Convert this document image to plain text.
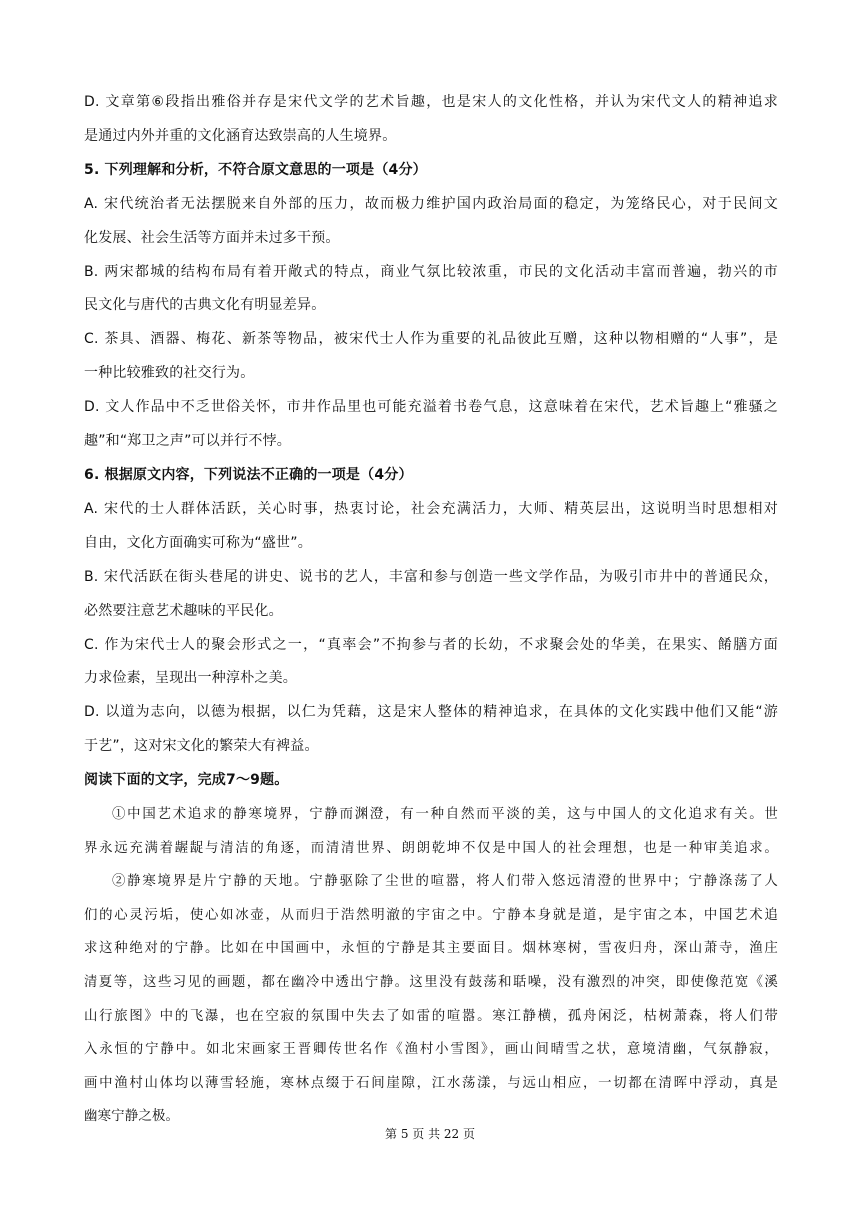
D. 文章第⑥段指出雅俗并存是宋代文学的艺术旨趣，也是宋人的文化性格，并认为宋代文人的精神追求
是通过内外并重的文化涵育达致崇高的人生境界。
5. 下列理解和分析，不符合原文意思的一项是（4分）
A. 宋代统治者无法摆脱来自外部的压力，故而极力维护国内政治局面的稳定，为笼络民心，对于民间文
化发展、社会生活等方面并未过多干预。
B. 两宋都城的结构布局有着开敞式的特点，商业气氛比较浓重，市民的文化活动丰富而普遍，勃兴的市
民文化与唐代的古典文化有明显差异。
C. 茶具、酒器、梅花、新茶等物品，被宋代士人作为重要的礼品彼此互赠，这种以物相赠的“人事”，是
一种比较雅致的社交行为。
D. 文人作品中不乏世俗关怀，市井作品里也可能充溢着书卷气息，这意味着在宋代，艺术旨趣上“雅骚之
趣”和“郑卫之声”可以并行不悖。
6. 根据原文内容，下列说法不正确的一项是（4分）
A. 宋代的士人群体活跃，关心时事，热衷讨论，社会充满活力，大师、精英层出，这说明当时思想相对
自由，文化方面确实可称为“盛世”。
B. 宋代活跃在街头巷尾的讲史、说书的艺人，丰富和参与创造一些文学作品，为吸引市井中的普通民众，
必然要注意艺术趣味的平民化。
C. 作为宋代士人的聚会形式之一，“真率会”不拘参与者的长幼，不求聚会处的华美，在果实、餚膳方面
力求俭素，呈现出一种淳朴之美。
D. 以道为志向，以德为根据，以仁为凭藉，这是宋人整体的精神追求，在具体的文化实践中他们又能“游
于艺”，这对宋文化的繁荣大有裨益。
阅读下面的文字，完成7～9题。
①中国艺术追求的静寒境界，宁静而渊澄，有一种自然而平淡的美，这与中国人的文化追求有关。世
界永远充满着龌龊与清洁的角逐，而清清世界、朗朗乾坤不仅是中国人的社会理想，也是一种审美追求。
②静寒境界是片宁静的天地。宁静驱除了尘世的喧嚣，将人们带入悠远清澄的世界中；宁静涤荡了人
们的心灵污垢，使心如冰壶，从而归于浩然明澈的宇宙之中。宁静本身就是道，是宇宙之本，中国艺术追
求这种绝对的宁静。比如在中国画中，永恒的宁静是其主要面目。烟林寒树，雪夜归舟，深山萧寺，渔庄
清夏等，这些习见的画题，都在幽冷中透出宁静。这里没有鼓荡和聒噪，没有激烈的冲突，即使像范宽《溪
山行旅图》中的飞瀑，也在空寂的氛围中失去了如雷的喧嚣。寒江静横，孤舟闲泛，枯树萧森，将人们带
入永恒的宁静中。如北宋画家王晋卿传世名作《渔村小雪图》，画山间晴雪之状，意境清幽，气氛静寂，
画中渔村山体均以薄雪轻施，寒林点缀于石间崖隙，江水荡漾，与远山相应，一切都在清晖中浮动，真是
幽寒宁静之极。
第 5 页 共 22 页
